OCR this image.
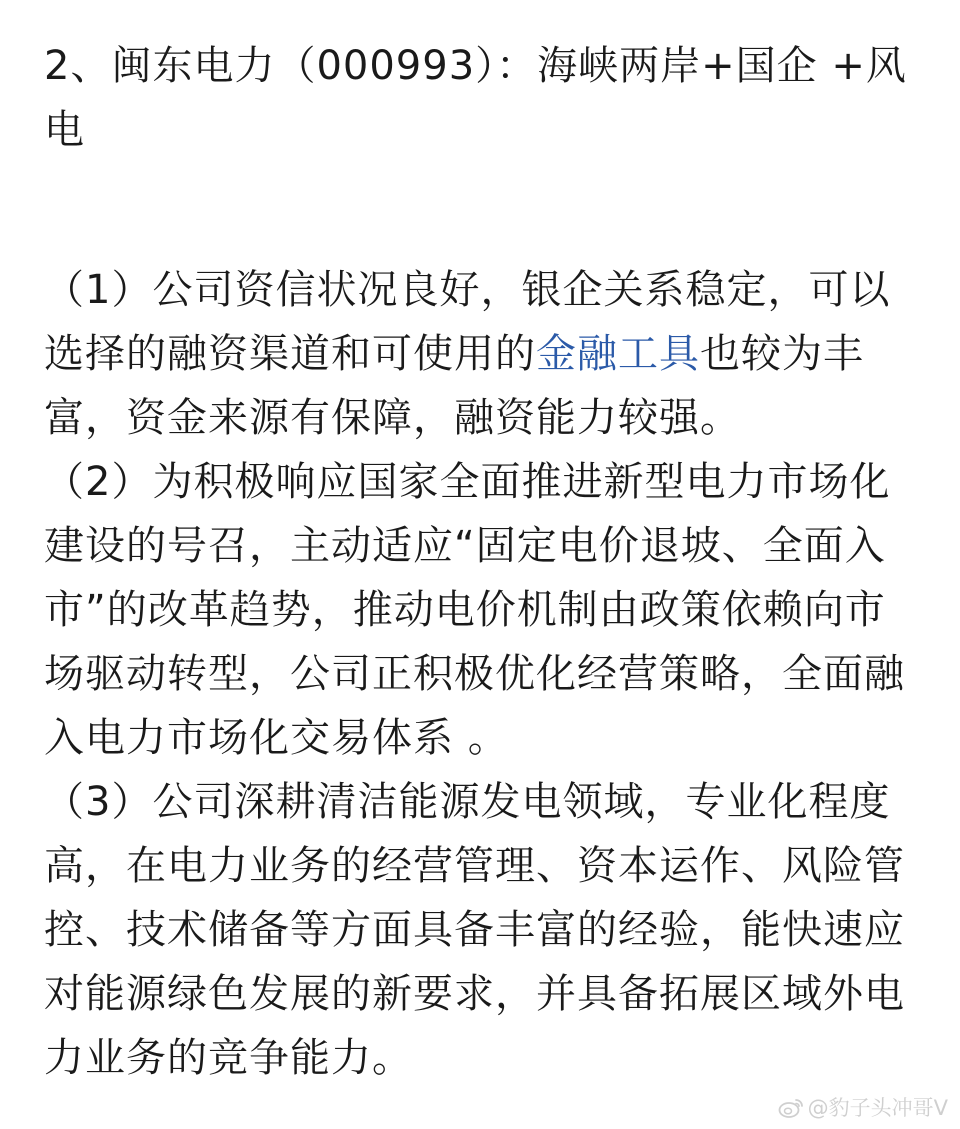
2、闽东电力（000993）：海峡两岸+国企 +风电

（1）公司资信状况良好，银企关系稳定，可以选择的融资渠道和可使用的金融工具也较为丰富，资金来源有保障，融资能力较强。

（2）为积极响应国家全面推进新型电力市场化建设的号召，主动适应“固定电价退坡、全面入市”的改革趋势，推动电价机制由政策依赖向市场驱动转型，公司正积极优化经营策略，全面融入电力市场化交易体系 。

（3）公司深耕清洁能源发电领域，专业化程度高，在电力业务的经营管理、资本运作、风险管控、技术储备等方面具备丰富的经验，能快速应对能源绿色发展的新要求，并具备拓展区域外电力业务的竞争能力。

@豹子头冲哥V
